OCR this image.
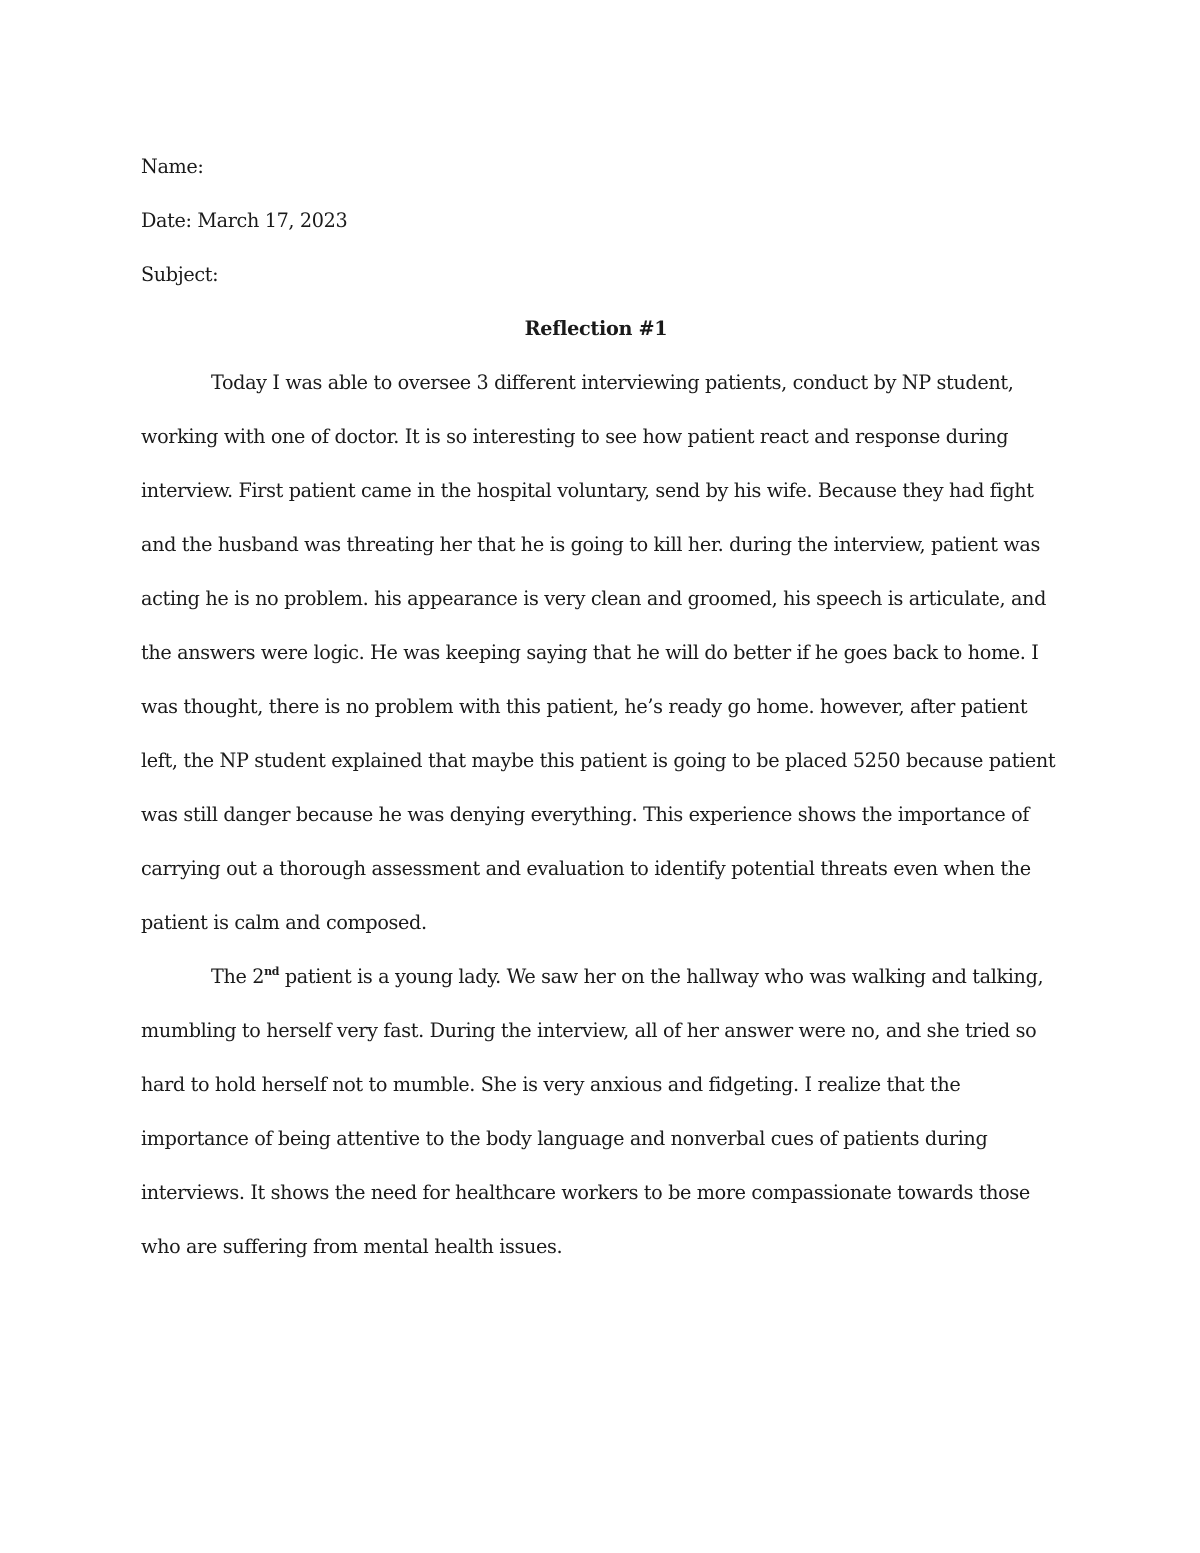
Name:

Date: March 17, 2023

Subject:

Reflection #1

Today I was able to oversee 3 different interviewing patients, conduct by NP student,
working with one of doctor. It is so interesting to see how patient react and response during
interview. First patient came in the hospital voluntary, send by his wife. Because they had fight
and the husband was threating her that he is going to kill her. during the interview, patient was
acting he is no problem. his appearance is very clean and groomed, his speech is articulate, and
the answers were logic. He was keeping saying that he will do better if he goes back to home. I
was thought, there is no problem with this patient, he’s ready go home. however, after patient
left, the NP student explained that maybe this patient is going to be placed 5250 because patient
was still danger because he was denying everything. This experience shows the importance of
carrying out a thorough assessment and evaluation to identify potential threats even when the
patient is calm and composed.

The 2nd patient is a young lady. We saw her on the hallway who was walking and talking,
mumbling to herself very fast. During the interview, all of her answer were no, and she tried so
hard to hold herself not to mumble. She is very anxious and fidgeting. I realize that the
importance of being attentive to the body language and nonverbal cues of patients during
interviews. It shows the need for healthcare workers to be more compassionate towards those
who are suffering from mental health issues.
